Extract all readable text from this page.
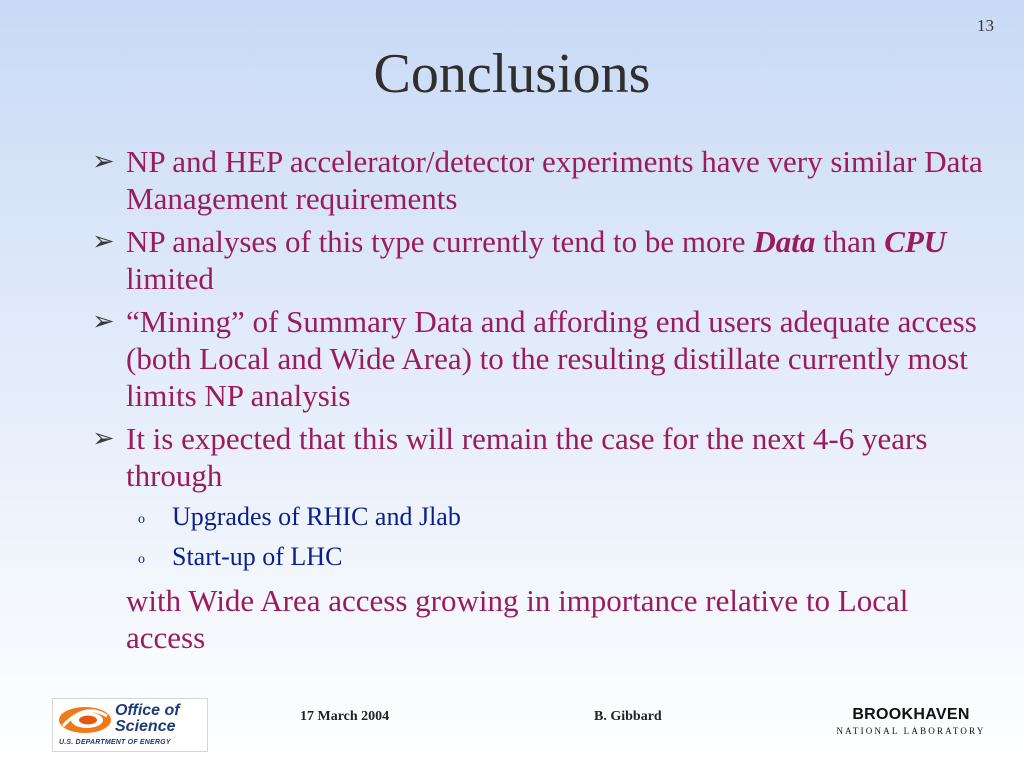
13
Conclusions
➢ NP and HEP accelerator/detector experiments have very similar Data Management requirements
➢ NP analyses of this type currently tend to be more Data than CPU limited
➢ “Mining” of Summary Data and affording end users adequate access (both Local and Wide Area) to the resulting distillate currently most limits NP analysis
➢ It is expected that this will remain the case for the next 4-6 years through
o Upgrades of RHIC and Jlab
o Start-up of LHC
with Wide Area access growing in importance relative to Local access
Office of
Science
U.S. DEPARTMENT OF ENERGY
17 March 2004	B. Gibbard	BROOKHAVEN
NATIONAL LABORATORY
